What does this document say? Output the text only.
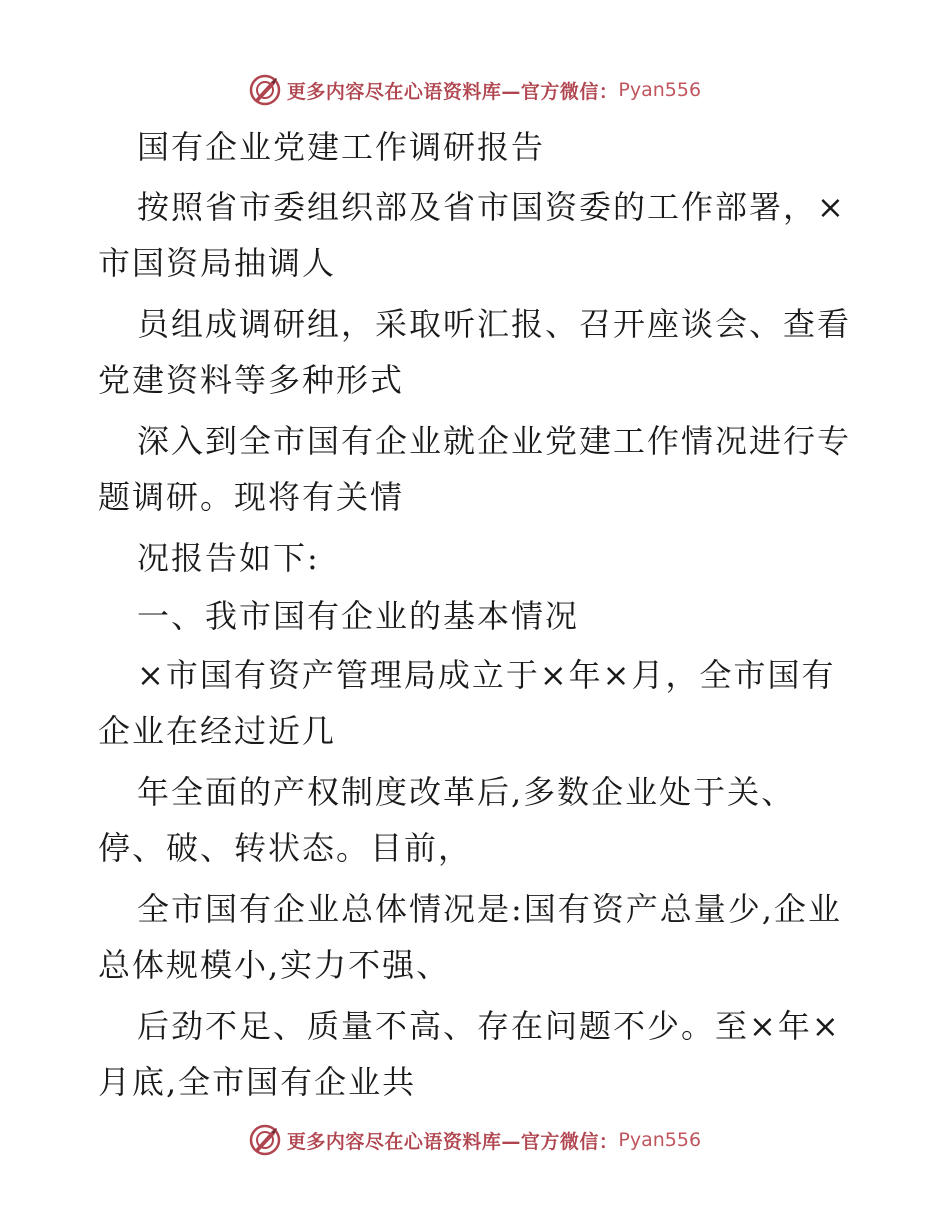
更多内容尽在心语资料库—官方微信： Pyan556
国有企业党建工作调研报告
按照省市委组织部及省市国资委的工作部署，×
市国资局抽调人
员组成调研组，采取听汇报、召开座谈会、查看
党建资料等多种形式
深入到全市国有企业就企业党建工作情况进行专
题调研。现将有关情
况报告如下:
一、我市国有企业的基本情况
×市国有资产管理局成立于×年×月，全市国有
企业在经过近几
年全面的产权制度改革后,多数企业处于关、
停、破、转状态。目前，
全市国有企业总体情况是:国有资产总量少,企业
总体规模小,实力不强、
后劲不足、质量不高、存在问题不少。至×年×
月底,全市国有企业共
更多内容尽在心语资料库—官方微信： Pyan556
